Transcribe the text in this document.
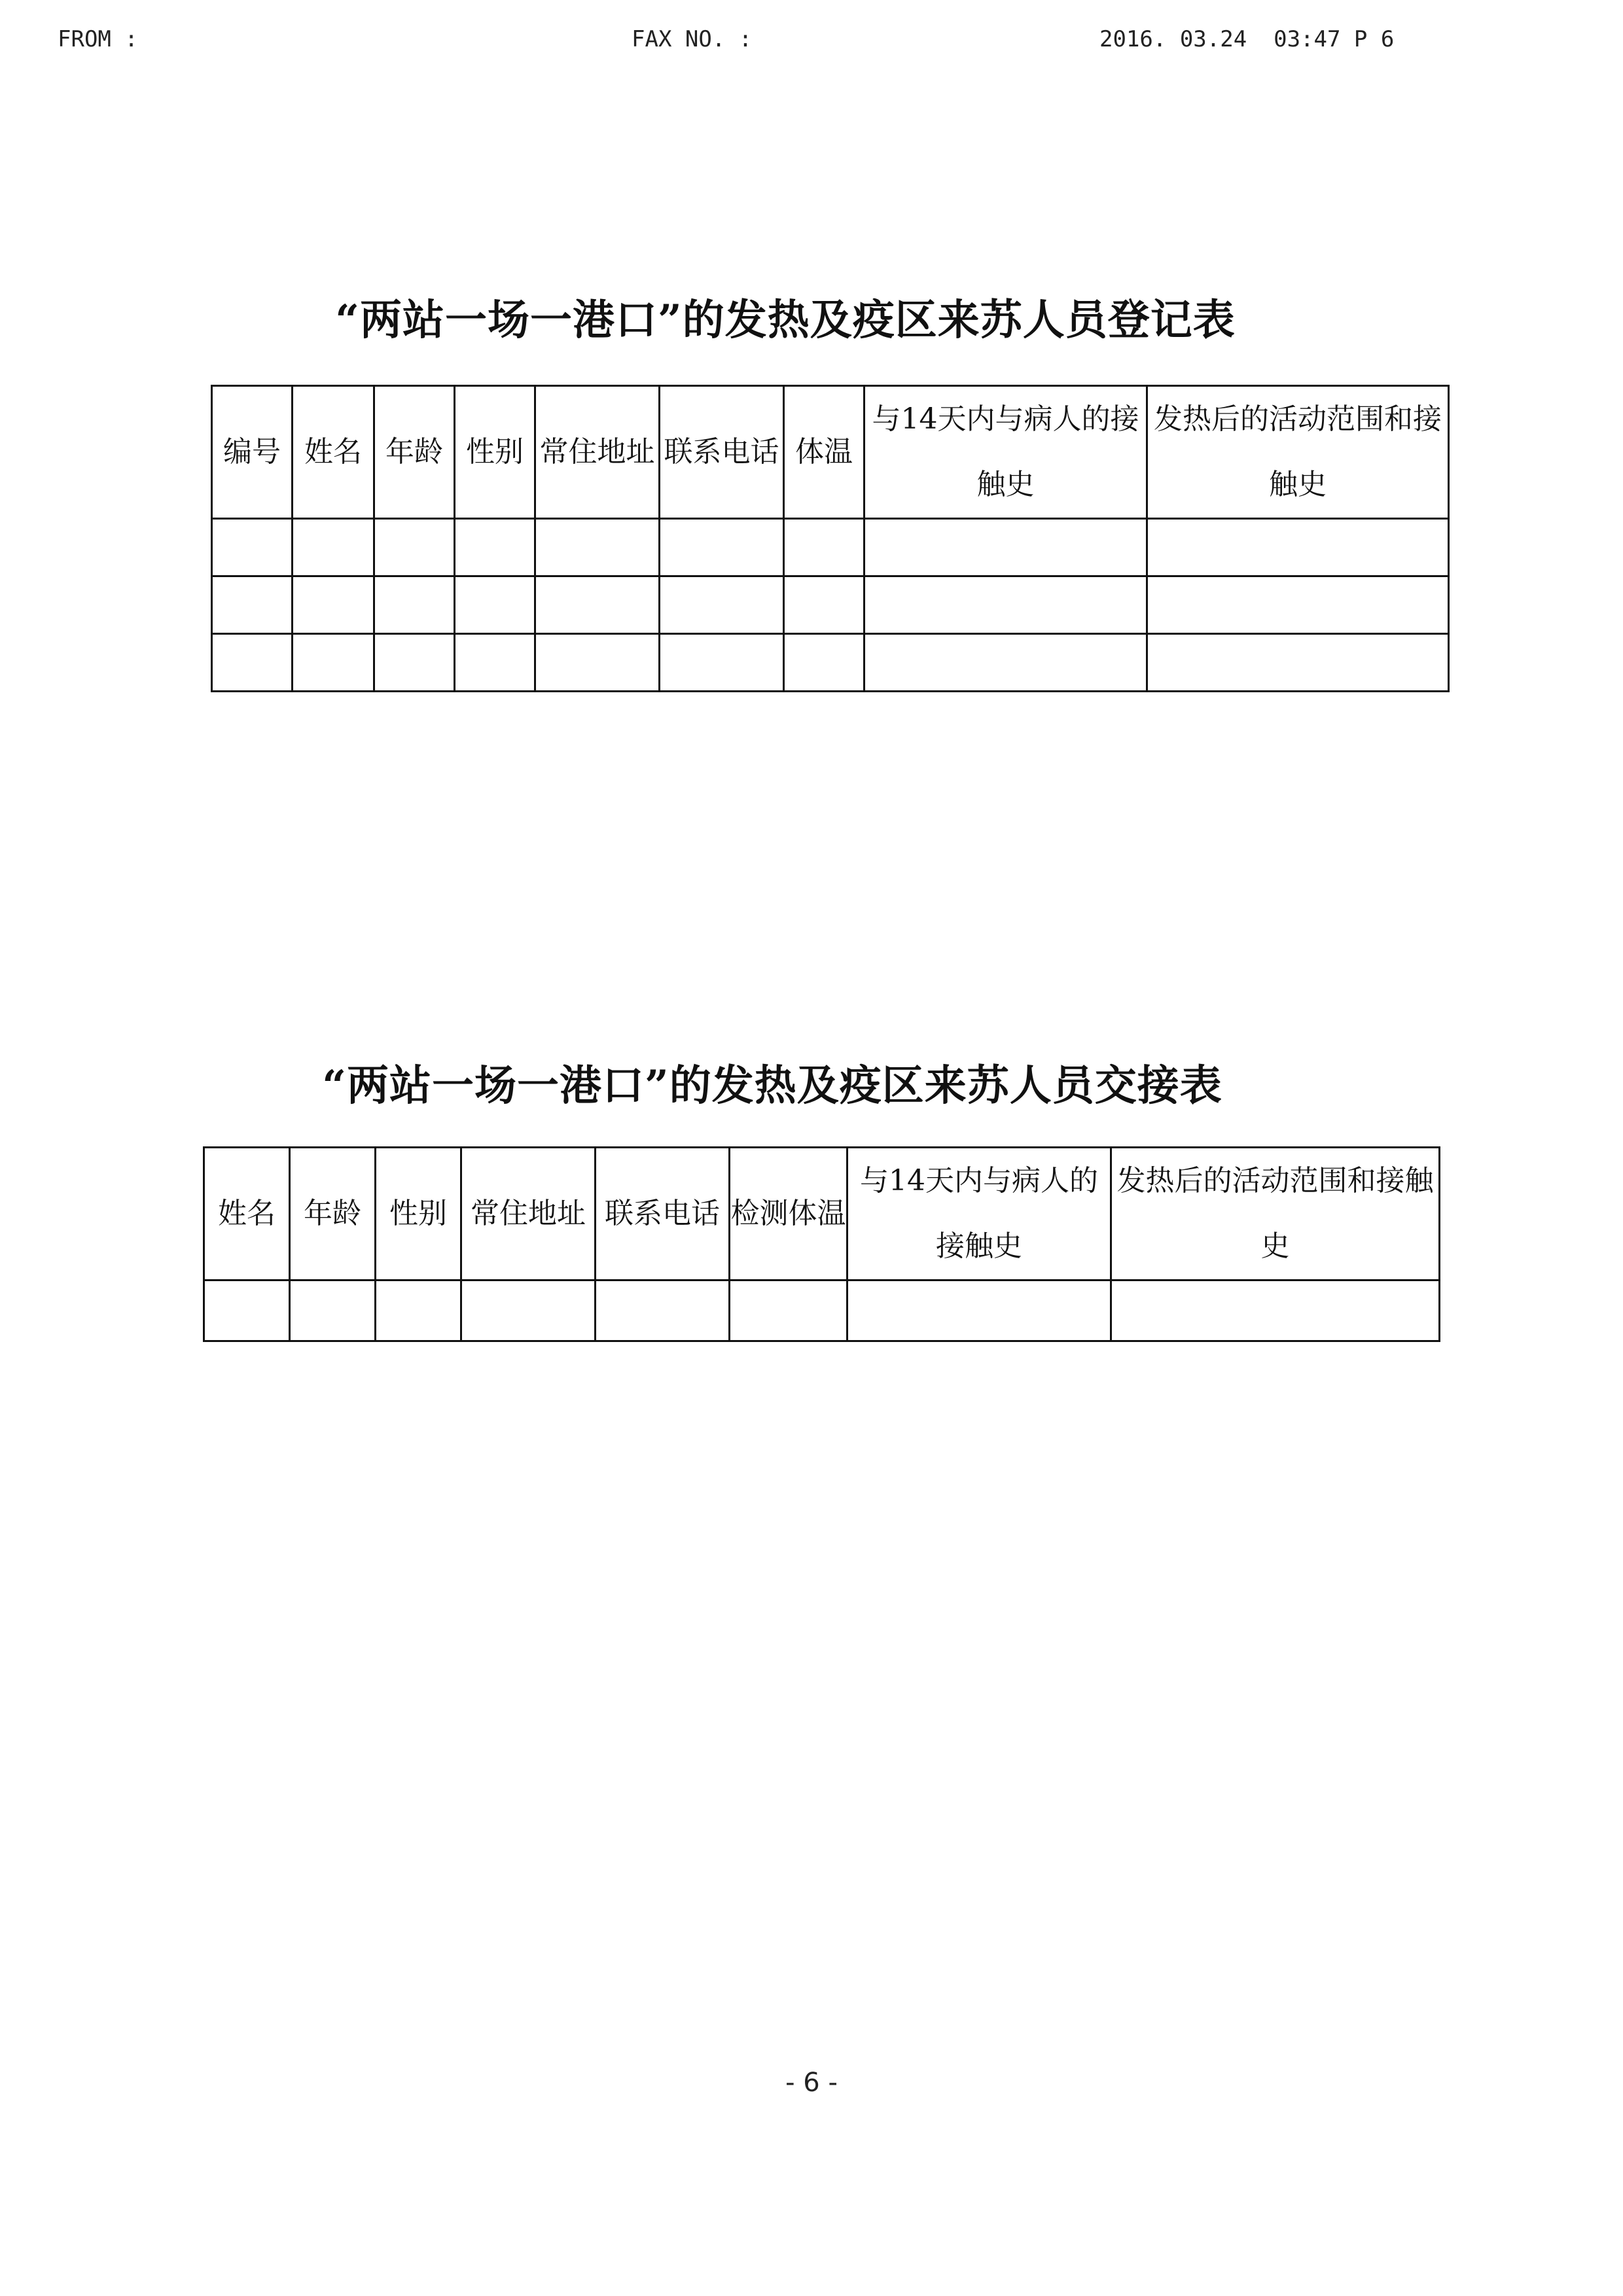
FROM :	FAX NO. :	2016. 03.24  03:47 P 6
“两站一场一港口”的发热及疫区来苏人员登记表
编号	姓名	年龄	性别	常住地址	联系电话	体温	与14天内与病人的接触史	发热后的活动范围和接触史

“两站一场一港口”的发热及疫区来苏人员交接表
姓名	年龄	性别	常住地址	联系电话	检测体温	与14天内与病人的接触史	发热后的活动范围和接触史

- 6 -
